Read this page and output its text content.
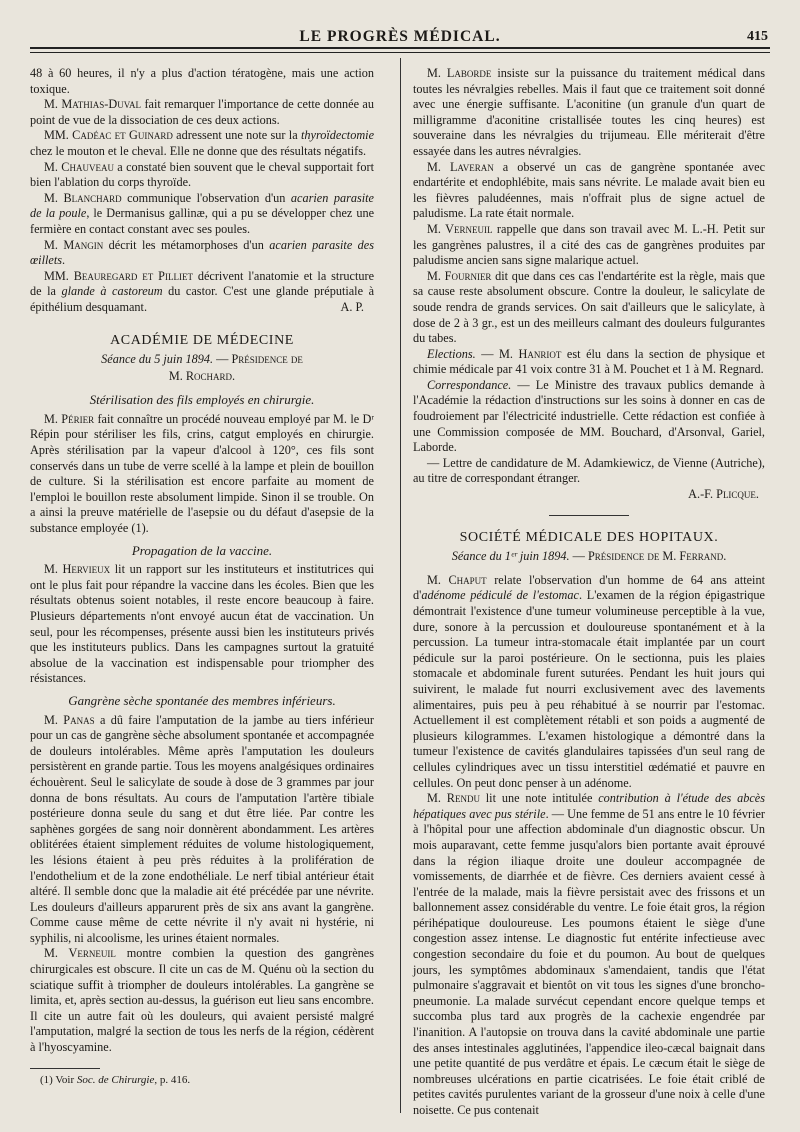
LE PROGRÈS MÉDICAL.	415

48 à 60 heures, il n'y a plus d'action tératogène, mais une action toxique.

M. Mathias-Duval fait remarquer l'importance de cette donnée au point de vue de la dissociation de ces deux actions.

MM. Cadéac et Guinard adressent une note sur la thyroïdectomie chez le mouton et le cheval. Elle ne donne que des résultats négatifs.

M. Chauveau a constaté bien souvent que le cheval supportait fort bien l'ablation du corps thyroïde.

M. Blanchard communique l'observation d'un acarien parasite de la poule, le Dermanisus gallinæ, qui a pu se développer chez une fermière en contact constant avec ses poules.

M. Mangin décrit les métamorphoses d'un acarien parasite des œillets.

MM. Beauregard et Pilliet décrivent l'anatomie et la structure de la glande à castoreum du castor. C'est une glande préputiale à épithélium desquamant.	A. P.

ACADÉMIE DE MÉDECINE
Séance du 5 juin 1894. — Présidence de
M. Rochard.
Stérilisation des fils employés en chirurgie.

M. Périer fait connaître un procédé nouveau employé par M. le Dʳ Répin pour stériliser les fils, crins, catgut employés en chirurgie. Après stérilisation par la vapeur d'alcool à 120°, ces fils sont conservés dans un tube de verre scellé à la lampe et plein de bouillon de culture. Si la stérilisation est encore parfaite au moment de l'emploi le bouillon reste absolument limpide. Sinon il se trouble. On a ainsi la preuve matérielle de l'asepsie ou du défaut d'asepsie de la substance employée (1).

Propagation de la vaccine.

M. Hervieux lit un rapport sur les instituteurs et institutrices qui ont le plus fait pour répandre la vaccine dans les écoles. Bien que les résultats obtenus soient notables, il reste encore beaucoup à faire. Plusieurs départements n'ont envoyé aucun état de vaccination. Un seul, pour les récompenses, présente aussi bien les instituteurs privés que les instituteurs publics. Dans les campagnes surtout la gratuité absolue de la vaccination est indispensable pour triompher des résistances.

Gangrène sèche spontanée des membres inférieurs.

M. Panas a dû faire l'amputation de la jambe au tiers inférieur pour un cas de gangrène sèche absolument spontanée et accompagnée de douleurs intolérables. Même après l'amputation les douleurs persistèrent en grande partie. Tous les moyens analgésiques ordinaires échouèrent. Seul le salicylate de soude à dose de 3 grammes par jour donna de bons résultats. Au cours de l'amputation l'artère tibiale postérieure donna seule du sang et dut être liée. Par contre les saphènes gorgées de sang noir donnèrent abondamment. Les artères oblitérées étaient simplement réduites de volume histologiquement, les lésions étaient à peu près réduites à la prolifération de l'endothelium et de la zone endothéliale. Le nerf tibial antérieur était altéré. Il semble donc que la maladie ait été précédée par une névrite. Les douleurs d'ailleurs apparurent près de six ans avant la gangrène. Comme cause même de cette névrite il n'y avait ni hystérie, ni syphilis, ni alcoolisme, les urines étaient normales.

M. Verneuil montre combien la question des gangrènes chirurgicales est obscure. Il cite un cas de M. Quénu où la section du sciatique suffit à triompher de douleurs intolérables. La gangrène se limita, et, après section au-dessus, la guérison eut lieu sans encombre. Il cite un autre fait où les douleurs, qui avaient persisté malgré l'amputation, malgré la section de tous les nerfs de la région, cédèrent à l'hyoscyamine.

(1) Voir Soc. de Chirurgie, p. 416.

M. Laborde insiste sur la puissance du traitement médical dans toutes les névralgies rebelles. Mais il faut que ce traitement soit donné avec une énergie suffisante. L'aconitine (un granule d'un quart de milligramme d'aconitine cristallisée toutes les cinq heures) est souveraine dans les névralgies du trijumeau. Elle mériterait d'être essayée dans les autres névralgies.

M. Laveran a observé un cas de gangrène spontanée avec endartérite et endophlébite, mais sans névrite. Le malade avait bien eu les fièvres paludéennes, mais n'offrait plus de signe actuel de paludisme. La rate était normale.

M. Verneuil rappelle que dans son travail avec M. L.-H. Petit sur les gangrènes palustres, il a cité des cas de gangrènes produites par paludisme ancien sans signe malarique actuel.

M. Fournier dit que dans ces cas l'endartérite est la règle, mais que sa cause reste absolument obscure. Contre la douleur, le salicylate de soude rendra de grands services. On sait d'ailleurs que le salicylate, à dose de 2 à 3 gr., est un des meilleurs calmant des douleurs fulgurantes du tabes.

Elections. — M. Hanriot est élu dans la section de physique et chimie médicale par 41 voix contre 31 à M. Pouchet et 1 à M. Regnard.

Correspondance. — Le Ministre des travaux publics demande à l'Académie la rédaction d'instructions sur les soins à donner en cas de foudroiement par l'électricité industrielle. Cette rédaction est confiée à une Commission composée de MM. Bouchard, d'Arsonval, Gariel, Laborde.

— Lettre de candidature de M. Adamkiewicz, de Vienne (Autriche), au titre de correspondant étranger.

A.-F. Plicque.

SOCIÉTÉ MÉDICALE DES HOPITAUX.
Séance du 1ᵉʳ juin 1894. — Présidence de M. Ferrand.

M. Chaput relate l'observation d'un homme de 64 ans atteint d'adénome pédiculé de l'estomac. L'examen de la région épigastrique démontrait l'existence d'une tumeur volumineuse perceptible à la vue, dure, sonore à la percussion et douloureuse spontanément et à la percussion. La tumeur intra-stomacale était implantée par un court pédicule sur la paroi postérieure. On le sectionna, puis les plaies stomacale et abdominale furent suturées. Pendant les huit jours qui suivirent, le malade fut nourri exclusivement avec des lavements alimentaires, puis peu à peu réhabitué à se nourrir par l'estomac. Actuellement il est complètement rétabli et son poids a augmenté de plusieurs kilogrammes. L'examen histologique a démontré dans la tumeur l'existence de cavités glandulaires tapissées d'un seul rang de cellules cylindriques avec un tissu interstitiel œdématié et pauvre en cellules. On peut donc penser à un adénome.

M. Rendu lit une note intitulée contribution à l'étude des abcès hépatiques avec pus stérile. — Une femme de 51 ans entre le 10 février à l'hôpital pour une affection abdominale d'un diagnostic obscur. Un mois auparavant, cette femme jusqu'alors bien portante avait éprouvé dans la région iliaque droite une douleur accompagnée de vomissements, de diarrhée et de fièvre. Ces derniers avaient cessé à l'entrée de la malade, mais la fièvre persistait avec des frissons et un ballonnement assez considérable du ventre. Le foie était gros, la région périhépatique douloureuse. Les poumons étaient le siège d'une congestion assez intense. Le diagnostic fut entérite infectieuse avec congestion secondaire du foie et du poumon. Au bout de quelques jours, les symptômes abdominaux s'amendaient, tandis que l'état pulmonaire s'aggravait et bientôt on vit tous les signes d'une broncho-pneumonie. La malade survécut cependant encore quelque temps et succomba plus tard aux progrès de la cachexie engendrée par l'inanition. A l'autopsie on trouva dans la cavité abdominale une partie des anses intestinales agglutinées, l'appendice ileo-cæcal baignait dans une petite quantité de pus verdâtre et épais. Le cæcum était le siège de nombreuses ulcérations en partie cicatrisées. Le foie était criblé de petites cavités purulentes variant de la grosseur d'une noix à celle d'une noisette. Ce pus contenait
